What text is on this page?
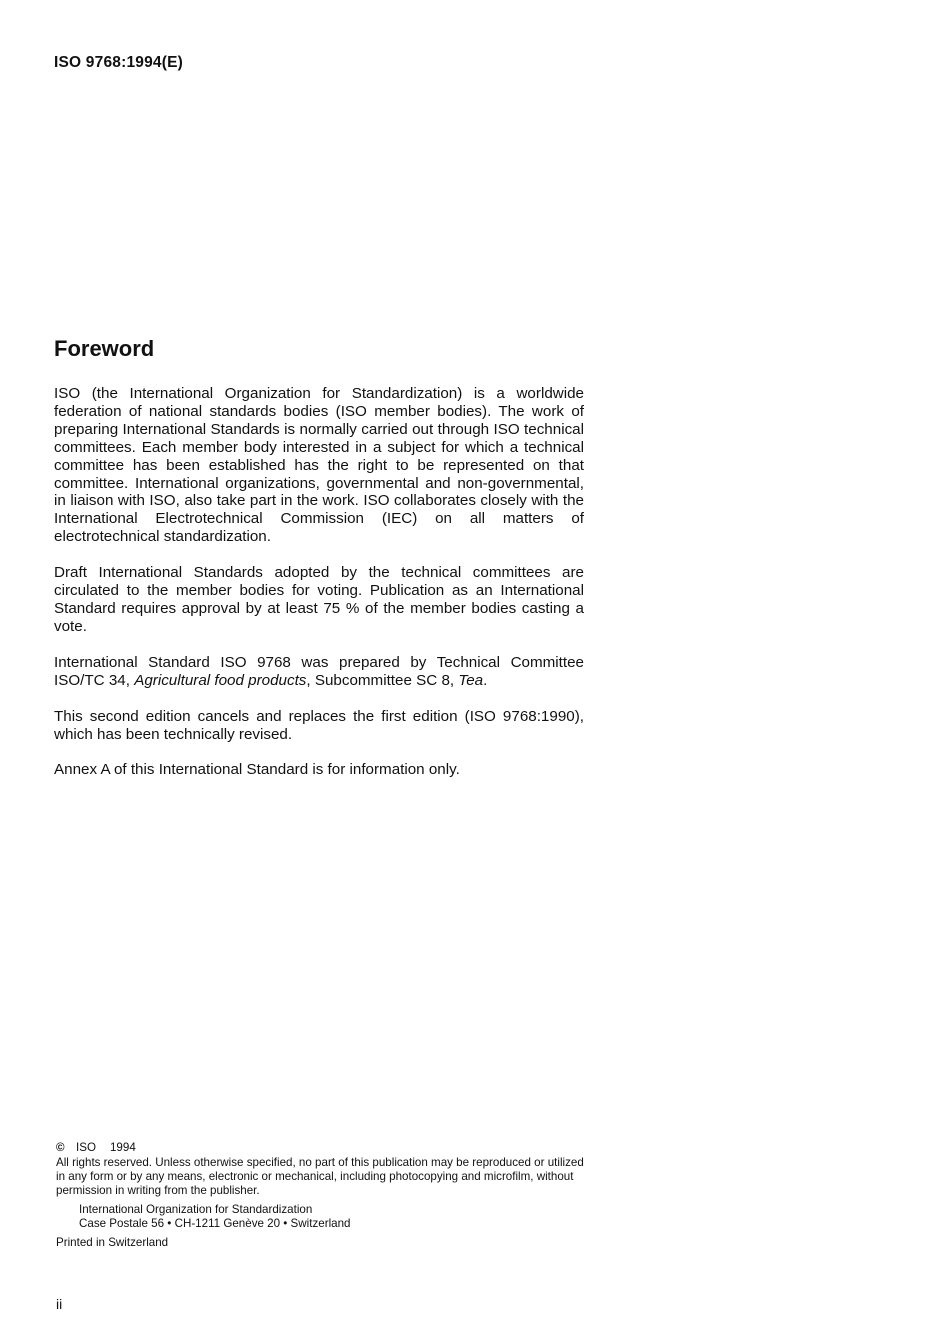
ISO 9768:1994(E)

Foreword

ISO (the International Organization for Standardization) is a worldwide federation of national standards bodies (ISO member bodies). The work of preparing International Standards is normally carried out through ISO technical committees. Each member body interested in a subject for which a technical committee has been established has the right to be represented on that committee. International organizations, governmental and non-governmental, in liaison with ISO, also take part in the work. ISO collaborates closely with the International Electrotechnical Commission (IEC) on all matters of electrotechnical standardization.

Draft International Standards adopted by the technical committees are circulated to the member bodies for voting. Publication as an International Standard requires approval by at least 75 % of the member bodies casting a vote.

International Standard ISO 9768 was prepared by Technical Committee ISO/TC 34, Agricultural food products, Subcommittee SC 8, Tea.

This second edition cancels and replaces the first edition (ISO 9768:1990), which has been technically revised.

Annex A of this International Standard is for information only.

© ISO 1994

All rights reserved. Unless otherwise specified, no part of this publication may be reproduced or utilized in any form or by any means, electronic or mechanical, including photocopying and microfilm, without permission in writing from the publisher.

International Organization for Standardization

Case Postale 56 • CH-1211 Genève 20 • Switzerland

Printed in Switzerland

ii
